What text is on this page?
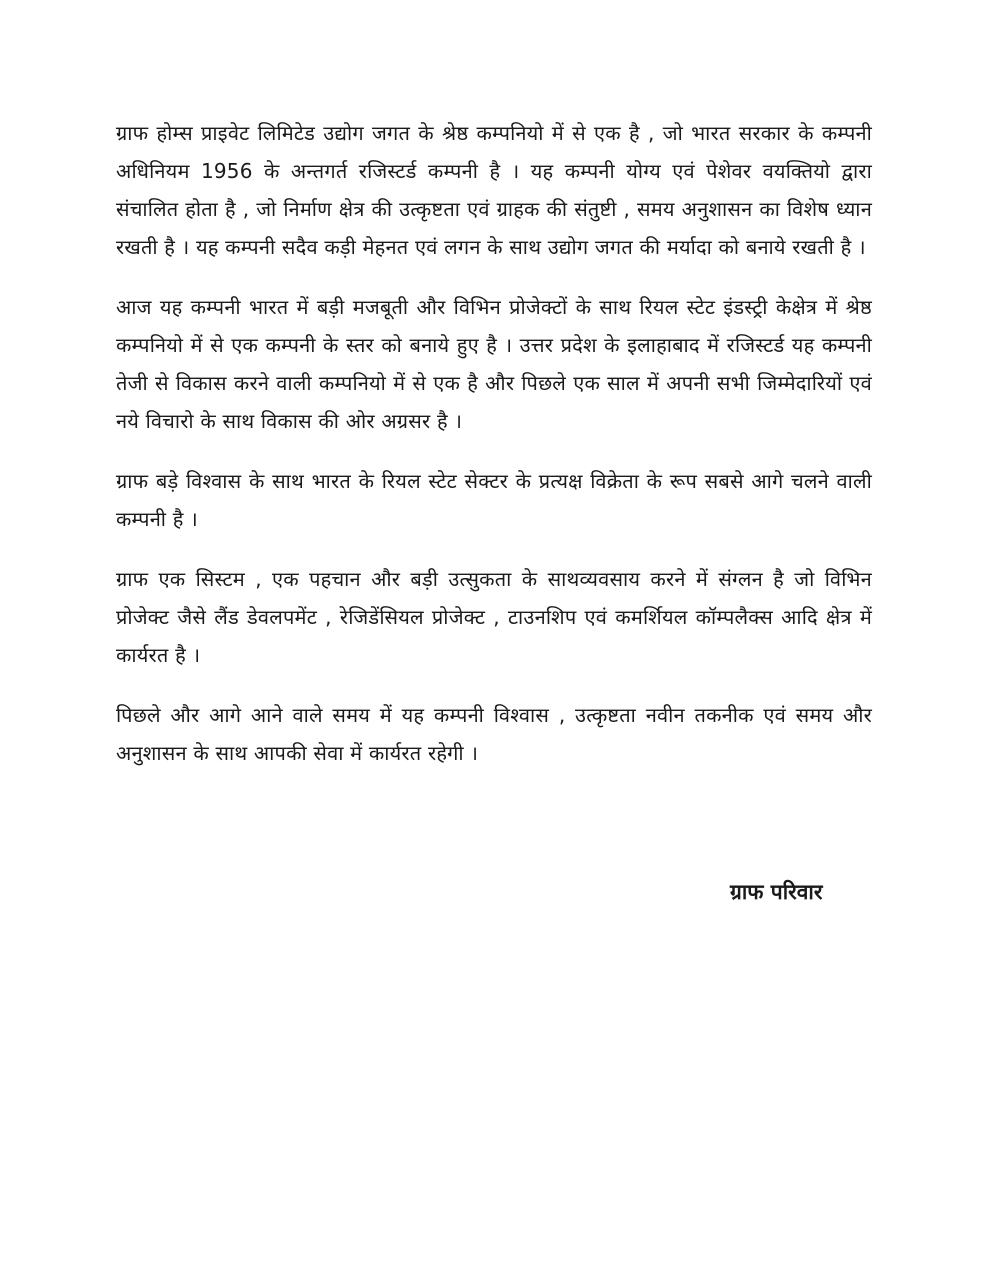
ग्राफ होम्स प्राइवेट लिमिटेड उद्योग जगत के श्रेष्ठ कम्पनियो में से एक है , जो भारत सरकार के कम्पनी अधिनियम 1956 के अन्तगर्त रजिस्टर्ड कम्पनी है । यह कम्पनी योग्य एवं पेशेवर वयक्तियो द्वारा संचालित होता है , जो निर्माण क्षेत्र की उत्कृष्टता एवं ग्राहक की संतुष्टी , समय अनुशासन का विशेष ध्यान रखती है । यह कम्पनी सदैव कड़ी मेहनत एवं लगन के साथ उद्योग जगत की मर्यादा को बनाये रखती है ।

आज यह कम्पनी भारत में बड़ी मजबूती और विभिन प्रोजेक्टों के साथ रियल स्टेट इंडस्ट्री केक्षेत्र में श्रेष्ठ कम्पनियो में से एक कम्पनी के स्तर को बनाये हुए है । उत्तर प्रदेश के इलाहाबाद में रजिस्टर्ड यह कम्पनी तेजी से विकास करने वाली कम्पनियो में से एक है और पिछले एक साल में अपनी सभी जिम्मेदारियों एवं नये विचारो के साथ विकास की ओर अग्रसर है ।

ग्राफ बड़े विश्वास के साथ भारत के रियल स्टेट सेक्टर के प्रत्यक्ष विक्रेता के रूप सबसे आगे चलने वाली कम्पनी है ।

ग्राफ एक सिस्टम , एक पहचान और बड़ी उत्सुकता के साथव्यवसाय करने में संग्लन है जो विभिन प्रोजेक्ट जैसे लैंड डेवलपमेंट , रेजिडेंसियल प्रोजेक्ट , टाउनशिप एवं कमर्शियल कॉम्पलैक्स आदि क्षेत्र में कार्यरत है ।

पिछले और आगे आने वाले समय में यह कम्पनी विश्वास , उत्कृष्टता नवीन तकनीक एवं समय और अनुशासन के साथ आपकी सेवा में कार्यरत रहेगी ।

ग्राफ परिवार
